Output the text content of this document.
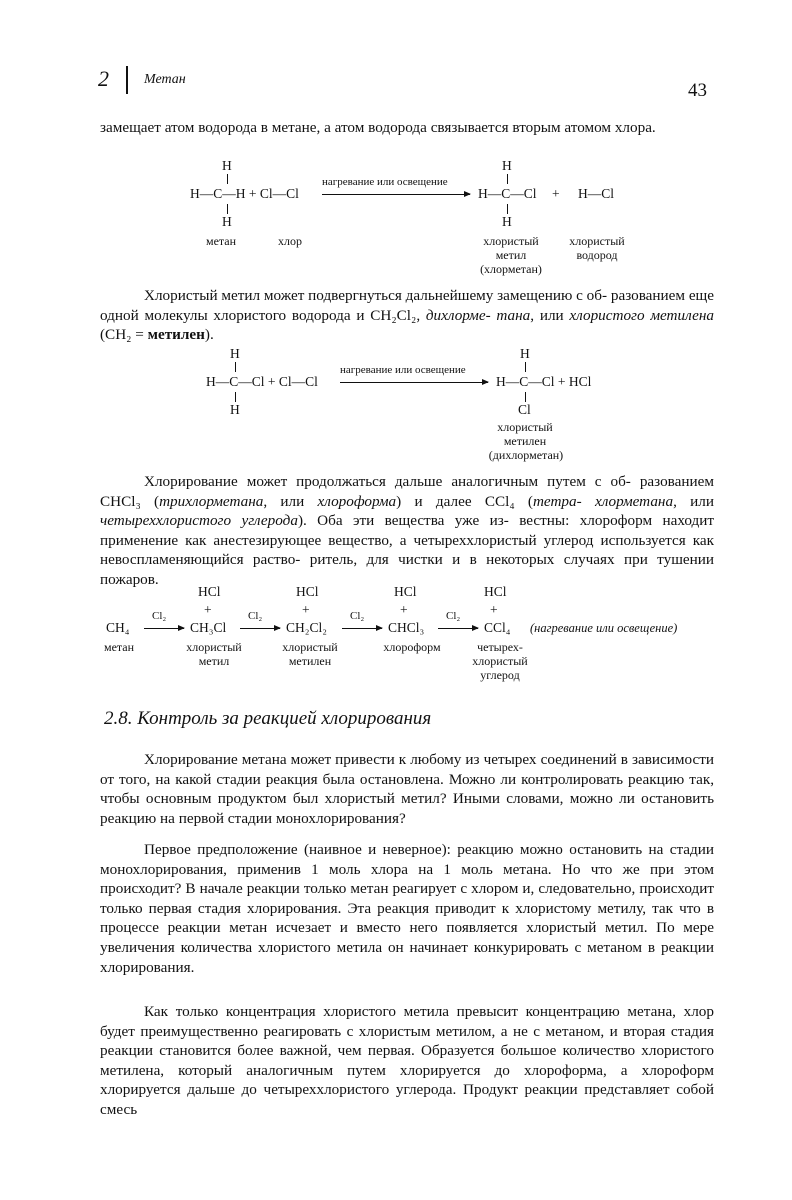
2	Метан
43
замещает атом водорода в метане, а атом водорода связывается вторым атомом хлора.
H
H—C—H + Cl—Cl
H
нагревание или освещение
H
H—C—Cl + H—Cl
H
метан	хлор	хлористый
метил
(хлорметан)
хлористый
водород
Хлористый метил может подвергнуться дальнейшему замещению с об- разованием еще одной молекулы хлористого водорода и CH₂Cl₂, дихлорме- тана, или хлористого метилена (CH₂ = метилен).
H
H—C—Cl + Cl—Cl
H
нагревание или освещение
H
H—C—Cl + HCl
Cl
хлористый
метилен
(дихлорметан)
Хлорирование может продолжаться дальше аналогичным путем с об- разованием CHCl₃ (трихлорметана, или хлороформа) и далее CCl₄ (тетра- хлорметана, или четыреххлористого углерода). Оба эти вещества уже из- вестны: хлороформ находит применение как анестезирующее вещество, а четыреххлористый углерод используется как невоспламеняющийся раство- ритель, для чистки и в некоторых случаях при тушении пожаров.
HCl
+
HCl
+
HCl
+
HCl
+
CH₄
Cl₂
CH₃Cl
Cl₂
CH₂Cl₂
Cl₂
CHCl₃
Cl₂
CCl₄ (нагревание или освещение)
метан	хлористый
метил
хлористый
метилен
хлороформ	четырех-
хлористый
углерод
2.8. Контроль за реакцией хлорирования
Хлорирование метана может привести к любому из четырех соединений в зависимости от того, на какой стадии реакция была остановлена. Можно ли контролировать реакцию так, чтобы основным продуктом был хлористый метил? Иными словами, можно ли остановить реакцию на первой стадии монохлорирования?
Первое предположение (наивное и неверное): реакцию можно остановить на стадии монохлорирования, применив 1 моль хлора на 1 моль метана. Но что же при этом происходит? В начале реакции только метан реагирует с хлором и, следовательно, происходит только первая стадия хлорирования. Эта реакция приводит к хлористому метилу, так что в процессе реакции метан исчезает и вместо него появляется хлористый метил. По мере увеличения количества хлористого метила он начинает конкурировать с метаном в реакции хлорирования.
Как только концентрация хлористого метила превысит концентрацию метана, хлор будет преимущественно реагировать с хлористым метилом, а не с метаном, и вторая стадия реакции становится более важной, чем первая. Образуется большое количество хлористого метилена, который аналогичным путем хлорируется до хлороформа, а хлороформ хлорируется дальше до четыреххлористого углерода. Продукт реакции представляет собой смесь
